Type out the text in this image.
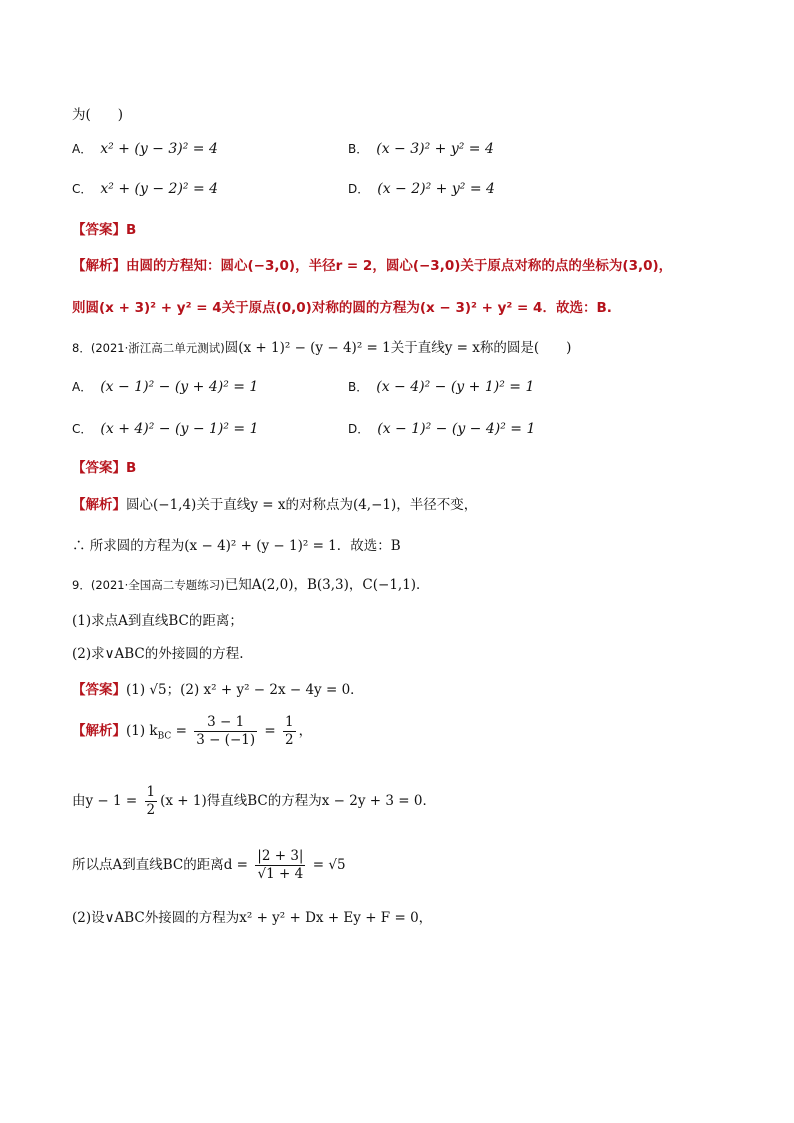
为(　　)
A． x² + (y − 3)² = 4	B． (x − 3)² + y² = 4
C． x² + (y − 2)² = 4	D． (x − 2)² + y² = 4
【答案】B
【解析】由圆的方程知：圆心(−3,0)，半径r = 2，圆心(−3,0)关于原点对称的点的坐标为(3,0)，
则圆(x + 3)² + y² = 4关于原点(0,0)对称的圆的方程为(x − 3)² + y² = 4．故选：B.
8．(2021·浙江高二单元测试)圆(x + 1)² − (y − 4)² = 1关于直线y = x称的圆是(　　)
A． (x − 1)² − (y + 4)² = 1	B． (x − 4)² − (y + 1)² = 1
C． (x + 4)² − (y − 1)² = 1	D． (x − 1)² − (y − 4)² = 1
【答案】B
【解析】圆心(−1,4)关于直线y = x的对称点为(4,−1)，半径不变，
∴ 所求圆的方程为(x − 4)² + (y − 1)² = 1．故选：B
9．(2021·全国高二专题练习)已知A(2,0)，B(3,3)，C(−1,1)．
(1)求点A到直线BC的距离；
(2)求∨ABC的外接圆的方程.
【答案】(1) √5；(2) x² + y² − 2x − 4y = 0．
【解析】(1) $k_{BC} = \frac{3 - 1}{3 - (-1)} = \frac{1}{2}$ ，
由$y - 1 = \frac{1}{2} (x + 1)$得直线BC的方程为x − 2y + 3 = 0．
所以点A到直线BC的距离$d = \frac{|2 + 3|}{√1 + 4} = √5$
(2)设∨ABC外接圆的方程为x² + y² + Dx + Ey + F = 0，
